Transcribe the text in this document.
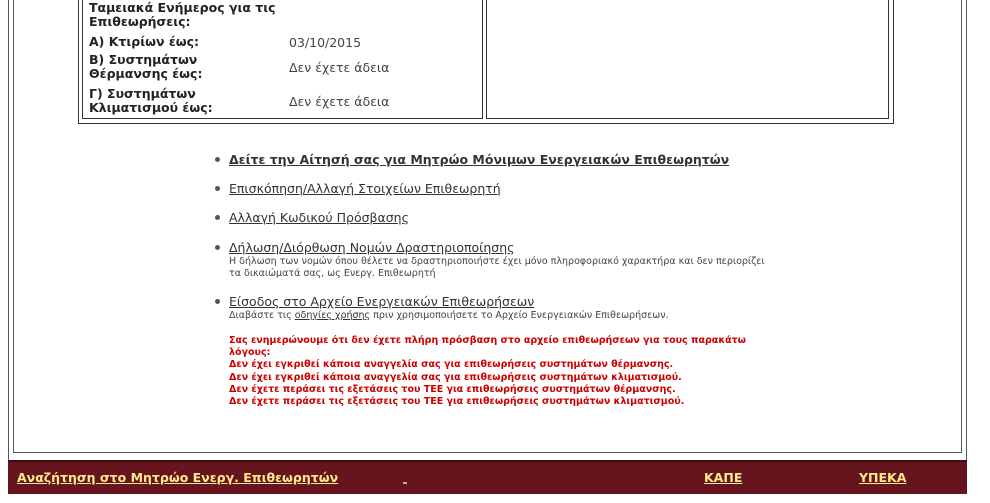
Ταμειακά Ενήμερος για τις Επιθεωρήσεις:
Α) Κτιρίων έως:	03/10/2015
Β) Συστημάτων Θέρμανσης έως:	Δεν έχετε άδεια
Γ) Συστημάτων Κλιματισμού έως:	Δεν έχετε άδεια
Δείτε την Αίτησή σας για Μητρώο Μόνιμων Ενεργειακών Επιθεωρητών
Επισκόπηση/Αλλαγή Στοιχείων Επιθεωρητή
Αλλαγή Κωδικού Πρόσβασης
Δήλωση/Διόρθωση Νομών Δραστηριοποίησης
Η δήλωση των νομών όπου θέλετε να δραστηριοποιήστε έχει μόνο πληροφοριακό χαρακτήρα και δεν περιορίζει τα δικαιώματά σας, ως Ενεργ. Επιθεωρητή
Είσοδος στο Αρχείο Ενεργειακών Επιθεωρήσεων
Διαβάστε τις οδηγίες χρήσης πριν χρησιμοποιήσετε το Αρχείο Ενεργειακών Επιθεωρήσεων.
Σας ενημερώνουμε ότι δεν έχετε πλήρη πρόσβαση στο αρχείο επιθεωρήσεων για τους παρακάτω λόγους:
Δεν έχει εγκριθεί κάποια αναγγελία σας για επιθεωρήσεις συστημάτων θέρμανσης.
Δεν έχει εγκριθεί κάποια αναγγελία σας για επιθεωρήσεις συστημάτων κλιματισμού.
Δεν έχετε περάσει τις εξετάσεις του ΤΕΕ για επιθεωρήσεις συστημάτων θέρμανσης.
Δεν έχετε περάσει τις εξετάσεις του ΤΕΕ για επιθεωρήσεις συστημάτων κλιματισμού.
Αναζήτηση στο Μητρώο Ενεργ. Επιθεωρητών	ΚΑΠΕ	ΥΠΕΚΑ
